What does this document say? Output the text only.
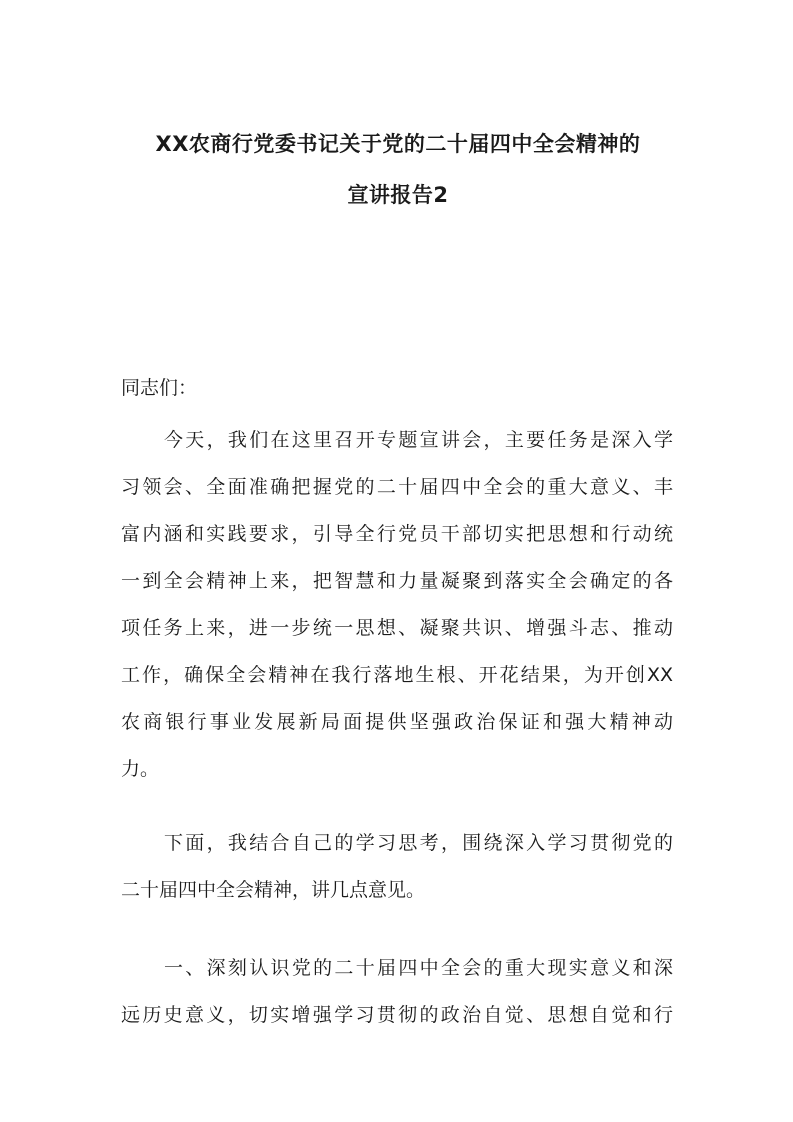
XX农商行党委书记关于党的二十届四中全会精神的
宣讲报告2
同志们：
今天，我们在这里召开专题宣讲会，主要任务是深入学
习领会、全面准确把握党的二十届四中全会的重大意义、丰
富内涵和实践要求，引导全行党员干部切实把思想和行动统
一到全会精神上来，把智慧和力量凝聚到落实全会确定的各
项任务上来，进一步统一思想、凝聚共识、增强斗志、推动
工作，确保全会精神在我行落地生根、开花结果，为开创XX
农商银行事业发展新局面提供坚强政治保证和强大精神动
力。
下面，我结合自己的学习思考，围绕深入学习贯彻党的
二十届四中全会精神，讲几点意见。
一、深刻认识党的二十届四中全会的重大现实意义和深
远历史意义，切实增强学习贯彻的政治自觉、思想自觉和行
